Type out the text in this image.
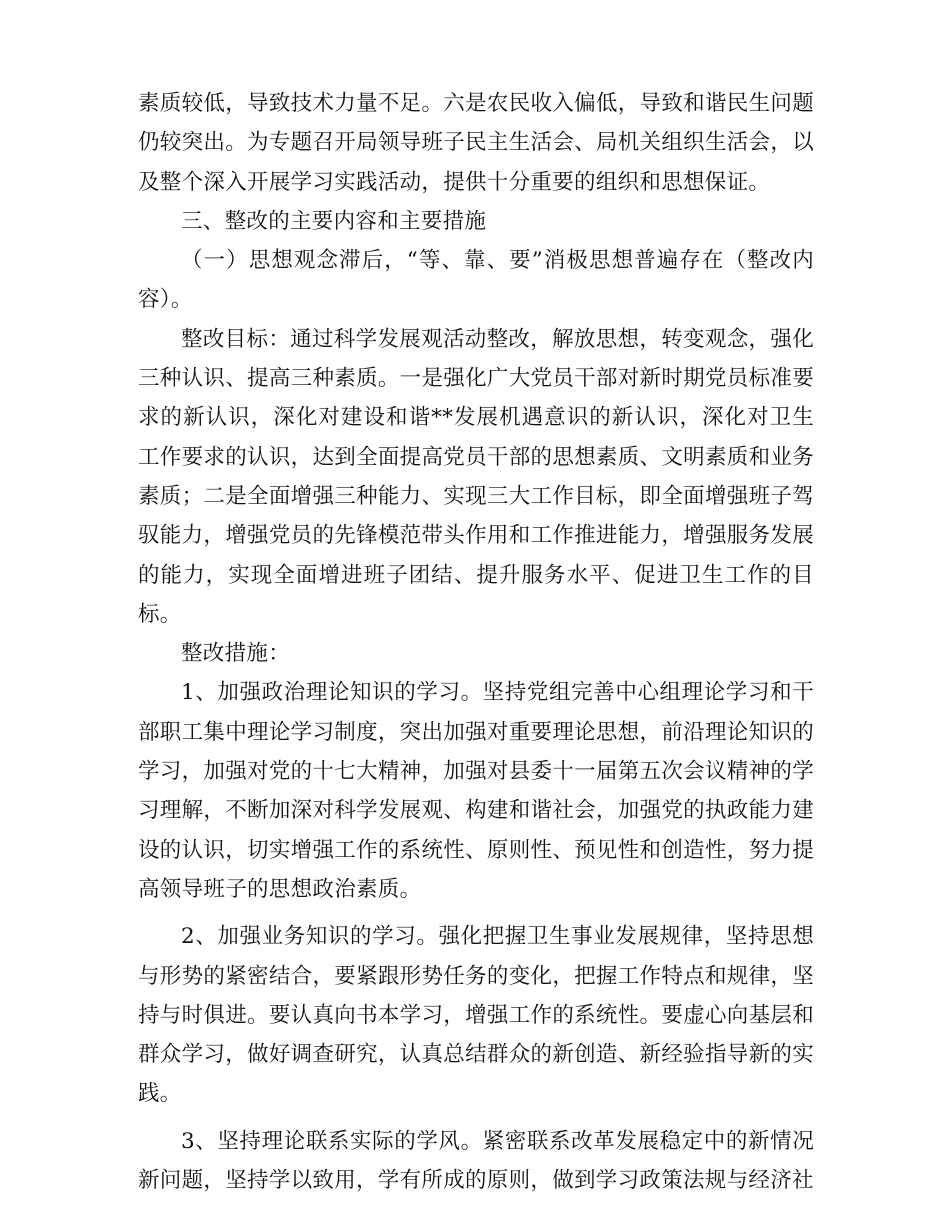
素质较低，导致技术力量不足。六是农民收入偏低，导致和谐民生问题仍较突出。为专题召开局领导班子民主生活会、局机关组织生活会，以及整个深入开展学习实践活动，提供十分重要的组织和思想保证。

三、整改的主要内容和主要措施

（一）思想观念滞后，“等、靠、要”消极思想普遍存在（整改内容）。

整改目标：通过科学发展观活动整改，解放思想，转变观念，强化三种认识、提高三种素质。一是强化广大党员干部对新时期党员标准要求的新认识，深化对建设和谐**发展机遇意识的新认识，深化对卫生工作要求的认识，达到全面提高党员干部的思想素质、文明素质和业务素质；二是全面增强三种能力、实现三大工作目标，即全面增强班子驾驭能力，增强党员的先锋模范带头作用和工作推进能力，增强服务发展的能力，实现全面增进班子团结、提升服务水平、促进卫生工作的目标。

整改措施：

1、加强政治理论知识的学习。坚持党组完善中心组理论学习和干部职工集中理论学习制度，突出加强对重要理论思想，前沿理论知识的学习，加强对党的十七大精神，加强对县委十一届第五次会议精神的学习理解，不断加深对科学发展观、构建和谐社会，加强党的执政能力建设的认识，切实增强工作的系统性、原则性、预见性和创造性，努力提高领导班子的思想政治素质。

2、加强业务知识的学习。强化把握卫生事业发展规律，坚持思想与形势的紧密结合，要紧跟形势任务的变化，把握工作特点和规律，坚持与时俱进。要认真向书本学习，增强工作的系统性。要虚心向基层和群众学习，做好调查研究，认真总结群众的新创造、新经验指导新的实践。

3、坚持理论联系实际的学风。紧密联系改革发展稳定中的新情况新问题，坚持学以致用，学有所成的原则，做到学习政策法规与经济社
